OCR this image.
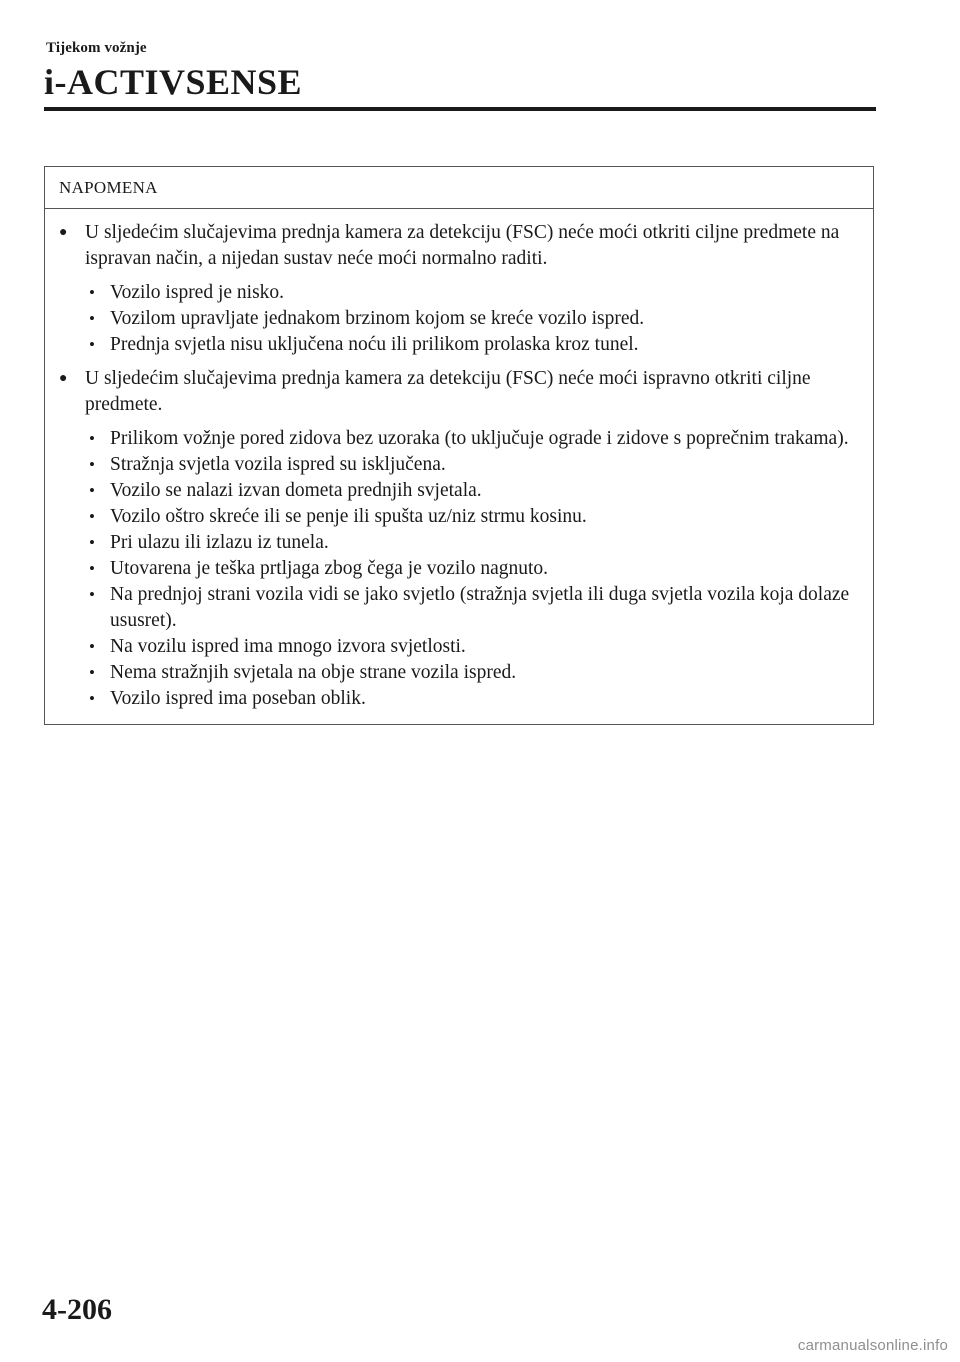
Tijekom vožnje
i-ACTIVSENSE
NAPOMENA
● U sljedećim slučajevima prednja kamera za detekciju (FSC) neće moći otkriti ciljne predmete na ispravan način, a nijedan sustav neće moći normalno raditi.
• Vozilo ispred je nisko.
• Vozilom upravljate jednakom brzinom kojom se kreće vozilo ispred.
• Prednja svjetla nisu uključena noću ili prilikom prolaska kroz tunel.
● U sljedećim slučajevima prednja kamera za detekciju (FSC) neće moći ispravno otkriti ciljne predmete.
• Prilikom vožnje pored zidova bez uzoraka (to uključuje ograde i zidove s poprečnim trakama).
• Stražnja svjetla vozila ispred su isključena.
• Vozilo se nalazi izvan dometa prednjih svjetala.
• Vozilo oštro skreće ili se penje ili spušta uz/niz strmu kosinu.
• Pri ulazu ili izlazu iz tunela.
• Utovarena je teška prtljaga zbog čega je vozilo nagnuto.
• Na prednjoj strani vozila vidi se jako svjetlo (stražnja svjetla ili duga svjetla vozila koja dolaze ususret).
• Na vozilu ispred ima mnogo izvora svjetlosti.
• Nema stražnjih svjetala na obje strane vozila ispred.
• Vozilo ispred ima poseban oblik.
4-206
carmanualsonline.info
